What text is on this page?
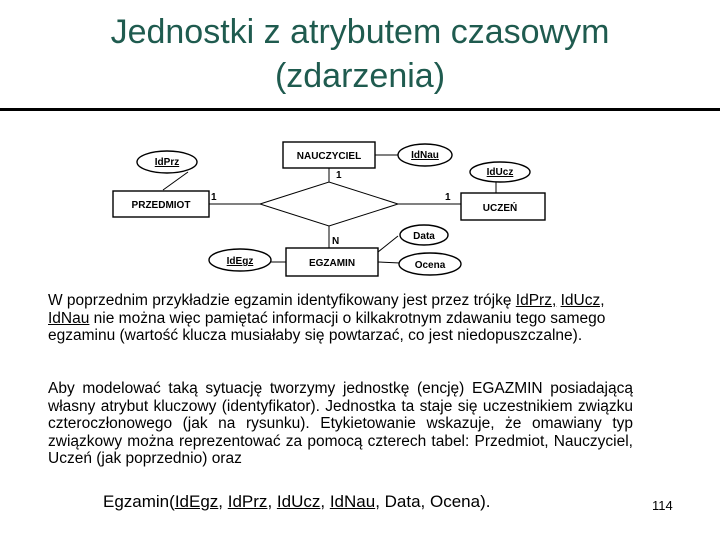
Jednostki z atrybutem czasowym
(zdarzenia)
NAUCZYCIEL
PRZEDMIOT	UCZEŃ
EGZAMIN
IdNau
IdPrz
IdUcz
Data
Ocena
IdEgz
1
1	1
N

W poprzednim przykładzie egzamin identyfikowany jest przez trójkę IdPrz, IdUcz, IdNau nie można więc pamiętać informacji o kilkakrotnym zdawaniu tego samego egzaminu (wartość klucza musiałaby się powtarzać, co jest niedopuszczalne).

Aby modelować taką sytuację tworzymy jednostkę (encję) EGAZMIN posiadającą własny atrybut kluczowy (identyfikator). Jednostka ta staje się uczestnikiem związku czteroczłonowego (jak na rysunku). Etykietowanie wskazuje, że omawiany typ związkowy można reprezentować za pomocą czterech tabel: Przedmiot, Nauczyciel, Uczeń (jak poprzednio) oraz

Egzamin(IdEgz, IdPrz, IdUcz, IdNau, Data, Ocena).	114
